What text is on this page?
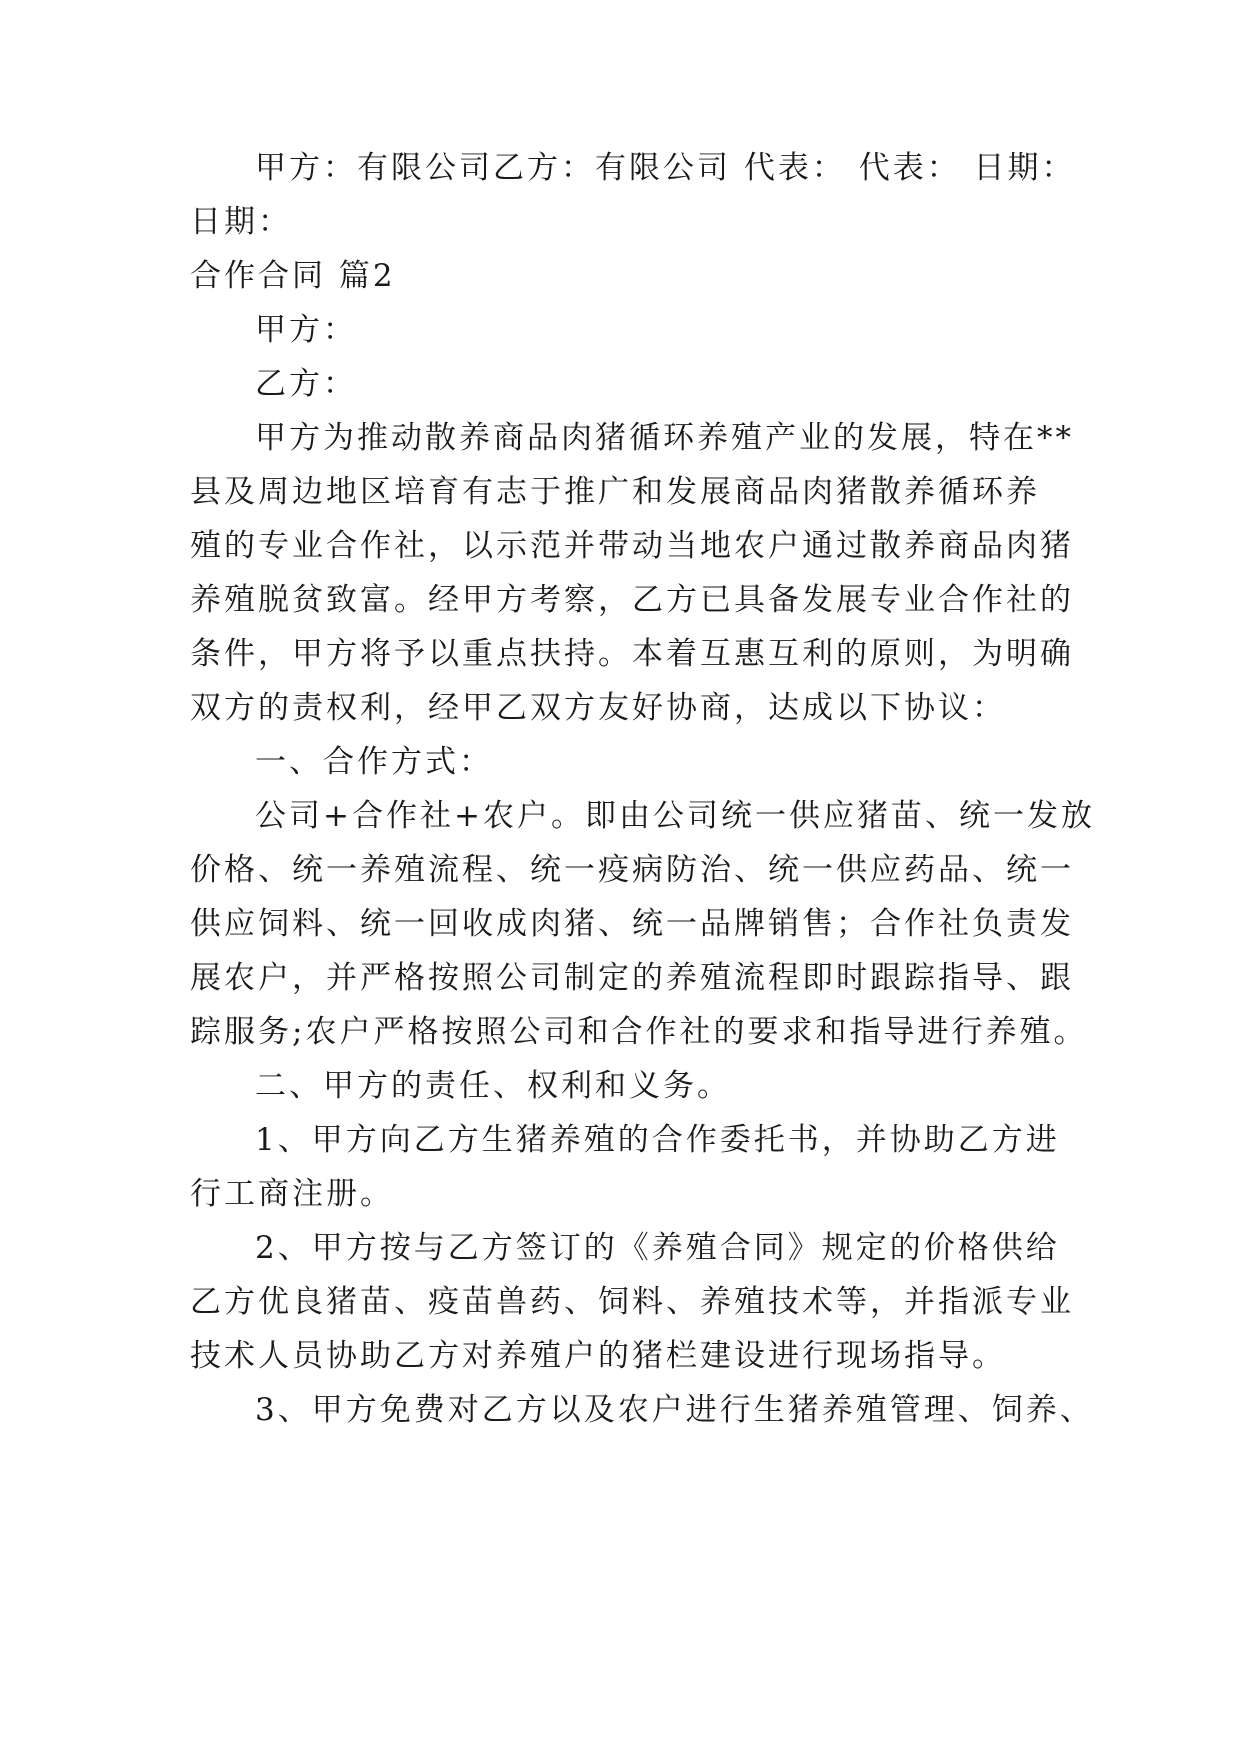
甲方：有限公司乙方：有限公司 代表： 代表： 日期：
日期：
合作合同 篇2
甲方：
乙方：
甲方为推动散养商品肉猪循环养殖产业的发展，特在**
县及周边地区培育有志于推广和发展商品肉猪散养循环养
殖的专业合作社，以示范并带动当地农户通过散养商品肉猪
养殖脱贫致富。经甲方考察，乙方已具备发展专业合作社的
条件，甲方将予以重点扶持。本着互惠互利的原则，为明确
双方的责权利，经甲乙双方友好协商，达成以下协议：
一、合作方式：
公司+合作社+农户。即由公司统一供应猪苗、统一发放
价格、统一养殖流程、统一疫病防治、统一供应药品、统一
供应饲料、统一回收成肉猪、统一品牌销售；合作社负责发
展农户，并严格按照公司制定的养殖流程即时跟踪指导、跟
踪服务;农户严格按照公司和合作社的要求和指导进行养殖。
二、甲方的责任、权利和义务。
1、甲方向乙方生猪养殖的合作委托书，并协助乙方进
行工商注册。
2、甲方按与乙方签订的《养殖合同》规定的价格供给
乙方优良猪苗、疫苗兽药、饲料、养殖技术等，并指派专业
技术人员协助乙方对养殖户的猪栏建设进行现场指导。
3、甲方免费对乙方以及农户进行生猪养殖管理、饲养、
